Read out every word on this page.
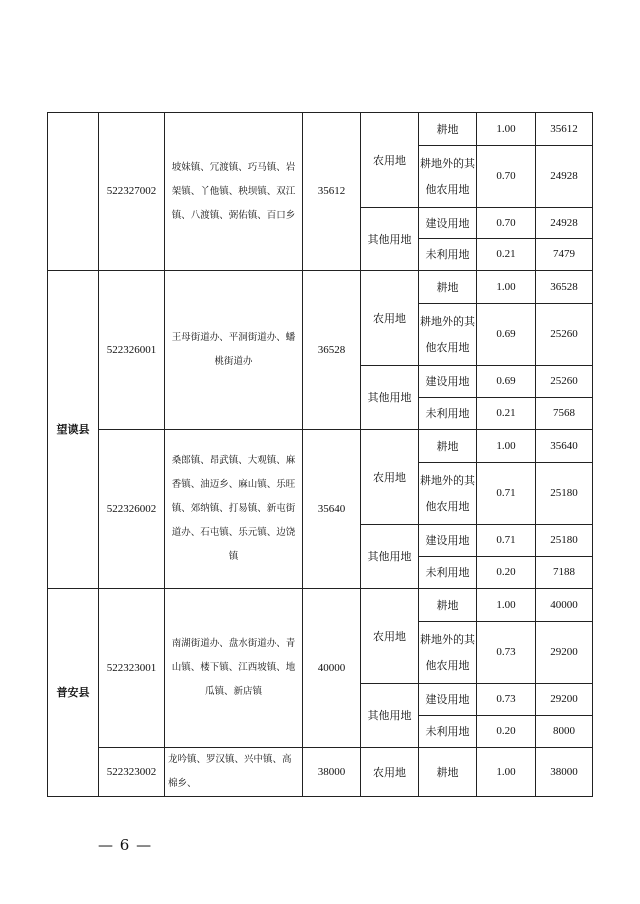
	522327002	坡妹镇、冗渡镇、巧马镇、岩架镇、丫他镇、秧坝镇、双江镇、八渡镇、弼佑镇、百口乡	35612	农用地	耕地	1.00	35612
					耕地外的其他农用地	0.70	24928
				其他用地	建设用地	0.70	24928
					未利用地	0.21	7479
望谟县	522326001	王母街道办、平洞街道办、蟠桃街道办	36528	农用地	耕地	1.00	36528
					耕地外的其他农用地	0.69	25260
				其他用地	建设用地	0.69	25260
					未利用地	0.21	7568
	522326002	桑郎镇、昂武镇、大观镇、麻香镇、油迈乡、麻山镇、乐旺镇、郊纳镇、打易镇、新屯街道办、石屯镇、乐元镇、边饶镇	35640	农用地	耕地	1.00	35640
					耕地外的其他农用地	0.71	25180
				其他用地	建设用地	0.71	25180
					未利用地	0.20	7188
普安县	522323001	南湖街道办、盘水街道办、青山镇、楼下镇、江西坡镇、地瓜镇、新店镇	40000	农用地	耕地	1.00	40000
					耕地外的其他农用地	0.73	29200
				其他用地	建设用地	0.73	29200
					未利用地	0.20	8000
	522323002	龙吟镇、罗汉镇、兴中镇、高棉乡、	38000	农用地	耕地	1.00	38000
— 6 —
